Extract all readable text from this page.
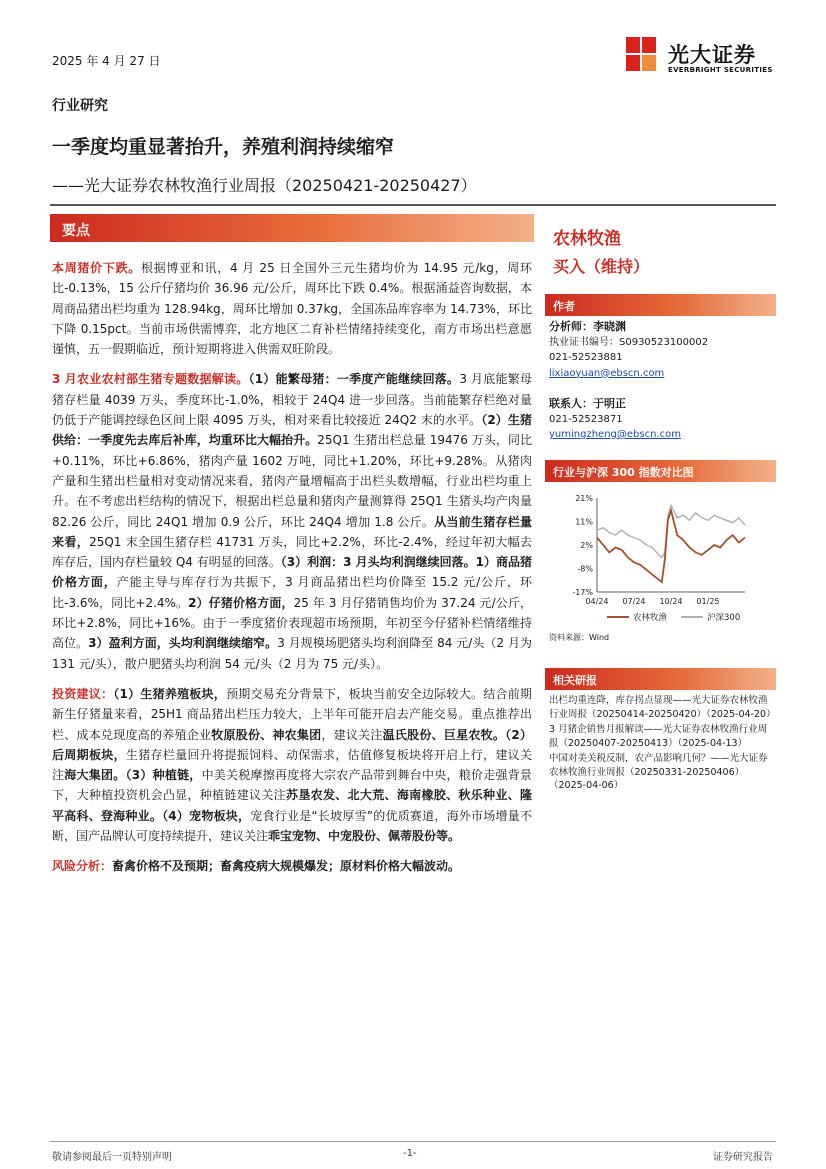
2025 年 4 月 27 日	光大证券
EVERBRIGHT SECURITIES
行业研究
一季度均重显著抬升，养殖利润持续缩窄
——光大证券农林牧渔行业周报（20250421-20250427）
要点

本周猪价下跌。根据博亚和讯，4 月 25 日全国外三元生猪均价为 14.95 元/kg，周环比-0.13%，15 公斤仔猪均价 36.96 元/公斤，周环比下跌 0.4%。根据涌益咨询数据，本周商品猪出栏均重为 128.94kg，周环比增加 0.37kg，全国冻品库容率为 14.73%，环比下降 0.15pct。当前市场供需博弈，北方地区二育补栏情绪持续变化，南方市场出栏意愿谨慎，五一假期临近，预计短期将进入供需双旺阶段。

3 月农业农村部生猪专题数据解读。（1）能繁母猪：一季度产能继续回落。3 月底能繁母猪存栏量 4039 万头，季度环比-1.0%，相较于 24Q4 进一步回落。当前能繁存栏绝对量仍低于产能调控绿色区间上限 4095 万头，相对来看比较接近 24Q2 末的水平。（2）生猪供给：一季度先去库后补库，均重环比大幅抬升。25Q1 生猪出栏总量 19476 万头，同比+0.11%，环比+6.86%，猪肉产量 1602 万吨，同比+1.20%，环比+9.28%。从猪肉产量和生猪出栏量相对变动情况来看，猪肉产量增幅高于出栏头数增幅，行业出栏均重上升。在不考虑出栏结构的情况下，根据出栏总量和猪肉产量测算得 25Q1 生猪头均产肉量 82.26 公斤，同比 24Q1 增加 0.9 公斤，环比 24Q4 增加 1.8 公斤。从当前生猪存栏量来看，25Q1 末全国生猪存栏 41731 万头，同比+2.2%，环比-2.4%，经过年初大幅去库存后，国内存栏量较 Q4 有明显的回落。（3）利润：3 月头均利润继续回落。1）商品猪价格方面，产能主导与库存行为共振下，3 月商品猪出栏均价降至 15.2 元/公斤，环比-3.6%，同比+2.4%。2）仔猪价格方面，25 年 3 月仔猪销售均价为 37.24 元/公斤，环比+2.8%，同比+16%。由于一季度猪价表现超市场预期，年初至今仔猪补栏情绪维持高位。3）盈利方面，头均利润继续缩窄。3 月规模场肥猪头均利润降至 84 元/头（2 月为 131 元/头），散户肥猪头均利润 54 元/头（2 月为 75 元/头）。

投资建议：（1）生猪养殖板块，预期交易充分背景下，板块当前安全边际较大。结合前期新生仔猪量来看，25H1 商品猪出栏压力较大，上半年可能开启去产能交易。重点推荐出栏、成本兑现度高的养殖企业牧原股份、神农集团，建议关注温氏股份、巨星农牧。（2）后周期板块，生猪存栏量回升将提振饲料、动保需求，估值修复板块将开启上行，建议关注海大集团。（3）种植链，中美关税摩擦再度将大宗农产品带到舞台中央，粮价走强背景下，大种植投资机会凸显，种植链建议关注苏垦农发、北大荒、海南橡胶、秋乐种业、隆平高科、登海种业。（4）宠物板块，宠食行业是“长坡厚雪”的优质赛道，海外市场增量不断，国产品牌认可度持续提升，建议关注乖宝宠物、中宠股份、佩蒂股份等。

风险分析：畜禽价格不及预期；畜禽疫病大规模爆发；原材料价格大幅波动。

农林牧渔
买入（维持）
作者
分析师：李晓渊
执业证书编号：S0930523100002
021-52523881
lixiaoyuan@ebscn.com
联系人：于明正
021-52523871
yumingzheng@ebscn.com
行业与沪深 300 指数对比图
21%
11%
2%
-8%
-17%
04/24 07/24 10/24 01/25
农林牧渔	沪深300
资料来源：Wind
相关研报

出栏均重连降，库存拐点显现——光大证券农林牧渔行业周报（20250414-20250420）（2025-04-20）

3 月猪企销售月报解读——光大证券农林牧渔行业周报（20250407-20250413）（2025-04-13）

中国对美关税反制，农产品影响几何？——光大证券农林牧渔行业周报（20250331-20250406）（2025-04-06）

敬请参阅最后一页特别声明	-1-	证券研究报告
